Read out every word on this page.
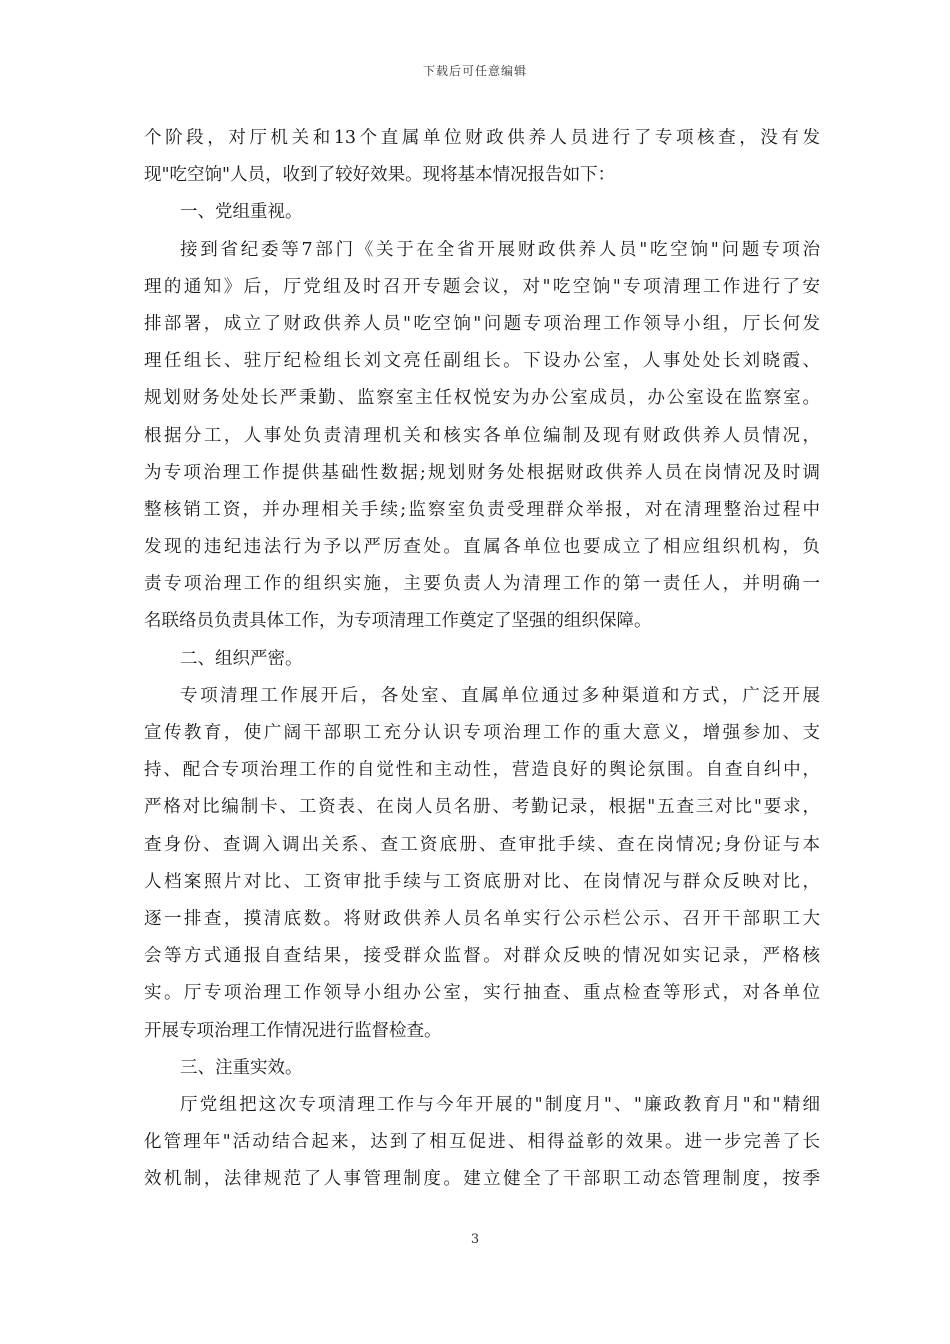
下载后可任意编辑
个阶段，对厅机关和13个直属单位财政供养人员进行了专项核查，没有发
现"吃空饷"人员，收到了较好效果。现将基本情况报告如下：
一、党组重视。
接到省纪委等7部门《关于在全省开展财政供养人员"吃空饷"问题专项治
理的通知》后，厅党组及时召开专题会议，对"吃空饷"专项清理工作进行了安
排部署，成立了财政供养人员"吃空饷"问题专项治理工作领导小组，厅长何发
理任组长、驻厅纪检组长刘文亮任副组长。下设办公室，人事处处长刘晓霞、
规划财务处处长严秉勤、监察室主任权悦安为办公室成员，办公室设在监察室。
根据分工，人事处负责清理机关和核实各单位编制及现有财政供养人员情况，
为专项治理工作提供基础性数据;规划财务处根据财政供养人员在岗情况及时调
整核销工资，并办理相关手续;监察室负责受理群众举报，对在清理整治过程中
发现的违纪违法行为予以严厉查处。直属各单位也要成立了相应组织机构，负
责专项治理工作的组织实施，主要负责人为清理工作的第一责任人，并明确一
名联络员负责具体工作，为专项清理工作奠定了坚强的组织保障。
二、组织严密。
专项清理工作展开后，各处室、直属单位通过多种渠道和方式，广泛开展
宣传教育，使广阔干部职工充分认识专项治理工作的重大意义，增强参加、支
持、配合专项治理工作的自觉性和主动性，营造良好的舆论氛围。自查自纠中，
严格对比编制卡、工资表、在岗人员名册、考勤记录，根据"五查三对比"要求，
查身份、查调入调出关系、查工资底册、查审批手续、查在岗情况;身份证与本
人档案照片对比、工资审批手续与工资底册对比、在岗情况与群众反映对比，
逐一排查，摸清底数。将财政供养人员名单实行公示栏公示、召开干部职工大
会等方式通报自查结果，接受群众监督。对群众反映的情况如实记录，严格核
实。厅专项治理工作领导小组办公室，实行抽查、重点检查等形式，对各单位
开展专项治理工作情况进行监督检查。
三、注重实效。
厅党组把这次专项清理工作与今年开展的"制度月"、"廉政教育月"和"精细
化管理年"活动结合起来，达到了相互促进、相得益彰的效果。进一步完善了长
效机制，法律规范了人事管理制度。建立健全了干部职工动态管理制度，按季
3
